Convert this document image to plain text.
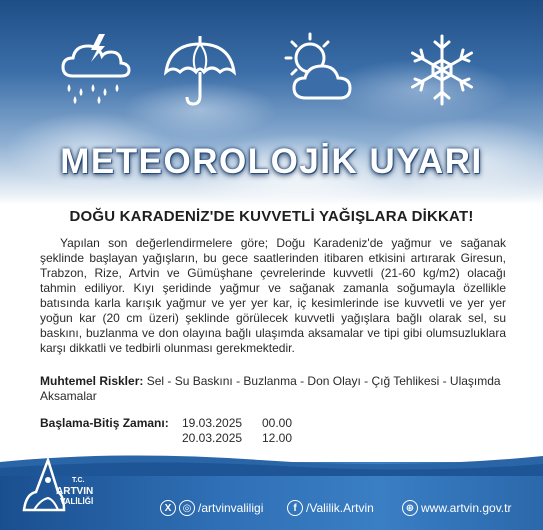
METEOROLOJİK UYARI
DOĞU KARADENİZ'DE KUVVETLİ YAĞIŞLARA DİKKAT!
Yapılan son değerlendirmelere göre; Doğu Karadeniz'de yağmur ve sağanak şeklinde başlayan yağışların, bu gece saatlerinden itibaren etkisini artırarak Giresun, Trabzon, Rize, Artvin ve Gümüşhane çevrelerinde kuvvetli (21-60 kg/m2) olacağı tahmin ediliyor. Kıyı şeridinde yağmur ve sağanak zamanla soğumayla özellikle batısında karla karışık yağmur ve yer yer kar, iç kesimlerinde ise kuvvetli ve yer yer yoğun kar (20 cm üzeri) şeklinde görülecek kuvvetli yağışlara bağlı olarak sel, su baskını, buzlanma ve don olayına bağlı ulaşımda aksamalar ve tipi gibi olumsuzluklara karşı dikkatli ve tedbirli olunması gerekmektedir.
Muhtemel Riskler: Sel - Su Baskını - Buzlanma - Don Olayı - Çığ Tehlikesi - Ulaşımda Aksamalar
Başlama-Bitiş Zamanı: 19.03.2025 00.00
20.03.2025 12.00
T.C.
ARTVIN
VALİLİĞİ
X	◎ /artvinvaliligi	f /Valilik.Artvin	⊕ www.artvin.gov.tr
